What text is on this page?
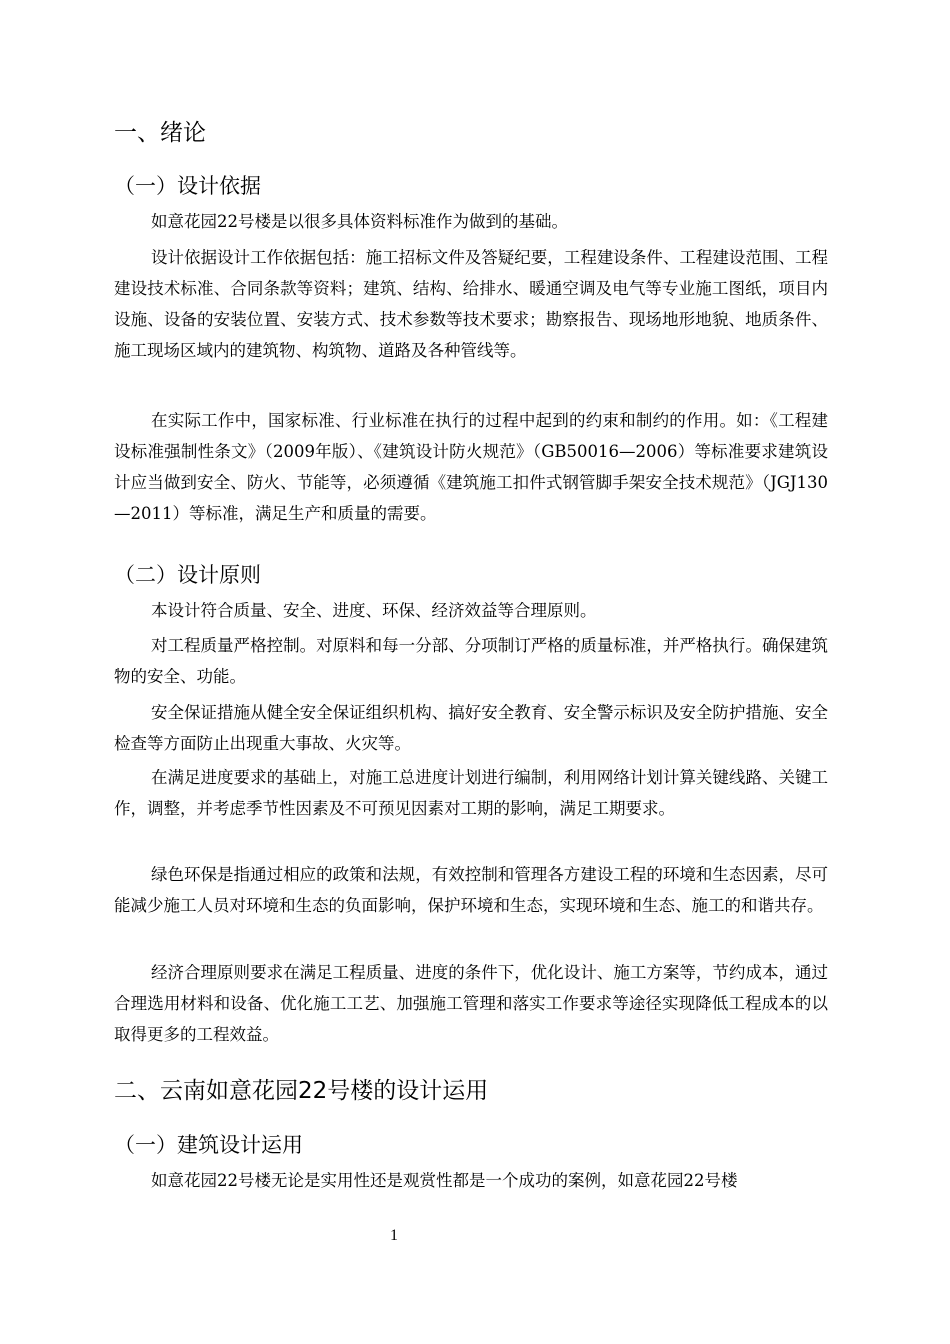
一、绪论
（一）设计依据

如意花园22号楼是以很多具体资料标准作为做到的基础。

设计依据设计工作依据包括：施工招标文件及答疑纪要，工程建设条件、工程建设范围、工程建设技术标准、合同条款等资料；建筑、结构、给排水、暖通空调及电气等专业施工图纸，项目内设施、设备的安装位置、安装方式、技术参数等技术要求；勘察报告、现场地形地貌、地质条件、施工现场区域内的建筑物、构筑物、道路及各种管线等。

在实际工作中，国家标准、行业标准在执行的过程中起到的约束和制约的作用。如：《工程建设标准强制性条文》（2009年版）、《建筑设计防火规范》（GB50016—2006）等标准要求建筑设计应当做到安全、防火、节能等，必须遵循《建筑施工扣件式钢管脚手架安全技术规范》（JGJ130—2011）等标准，满足生产和质量的需要。

（二）设计原则

本设计符合质量、安全、进度、环保、经济效益等合理原则。

对工程质量严格控制。对原料和每一分部、分项制订严格的质量标准，并严格执行。确保建筑物的安全、功能。

安全保证措施从健全安全保证组织机构、搞好安全教育、安全警示标识及安全防护措施、安全检查等方面防止出现重大事故、火灾等。

在满足进度要求的基础上，对施工总进度计划进行编制，利用网络计划计算关键线路、关键工作，调整，并考虑季节性因素及不可预见因素对工期的影响，满足工期要求。

绿色环保是指通过相应的政策和法规，有效控制和管理各方建设工程的环境和生态因素，尽可能减少施工人员对环境和生态的负面影响，保护环境和生态，实现环境和生态、施工的和谐共存。

经济合理原则要求在满足工程质量、进度的条件下，优化设计、施工方案等，节约成本，通过合理选用材料和设备、优化施工工艺、加强施工管理和落实工作要求等途径实现降低工程成本的以取得更多的工程效益。

二、云南如意花园22号楼的设计运用
（一）建筑设计运用

如意花园22号楼无论是实用性还是观赏性都是一个成功的案例，如意花园22号楼

1
